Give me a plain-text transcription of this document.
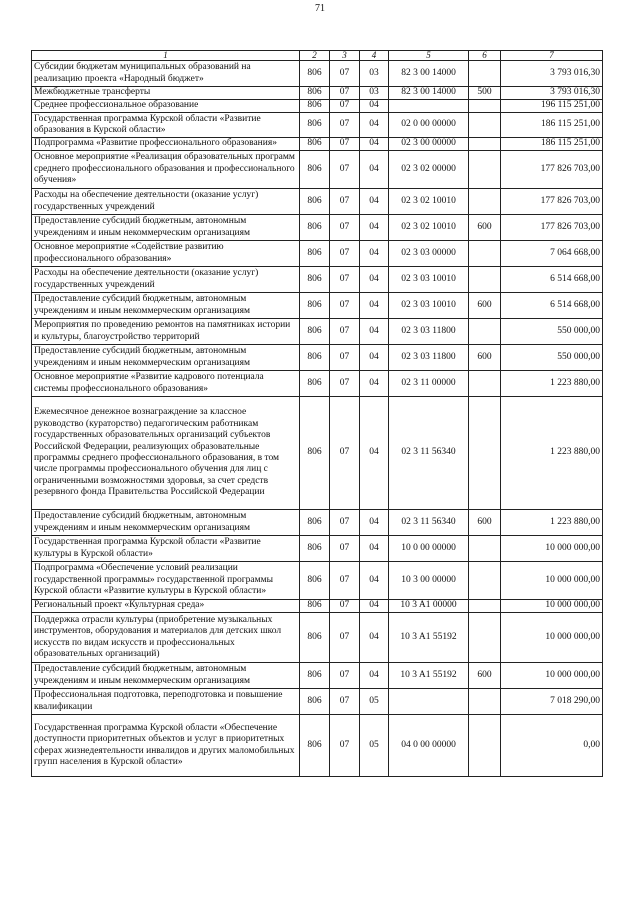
71
1	2	3	4	5	6	7
Субсидии бюджетам муниципальных образований на реализацию проекта «Народный бюджет»	806	07	03	82 3 00 14000		3 793 016,30
Межбюджетные трансферты	806	07	03	82 3 00 14000	500	3 793 016,30
Среднее профессиональное образование	806	07	04			196 115 251,00
Государственная программа Курской области «Развитие образования в Курской области»	806	07	04	02 0 00 00000		186 115 251,00
Подпрограмма «Развитие профессионального образования»	806	07	04	02 3 00 00000		186 115 251,00
Основное мероприятие «Реализация образовательных программ среднего профессионального образования и профессионального обучения»	806	07	04	02 3 02 00000		177 826 703,00
Расходы на обеспечение деятельности (оказание услуг) государственных учреждений	806	07	04	02 3 02 10010		177 826 703,00
Предоставление субсидий бюджетным, автономным учреждениям и иным некоммерческим организациям	806	07	04	02 3 02 10010	600	177 826 703,00
Основное мероприятие «Содействие развитию профессионального образования»	806	07	04	02 3 03 00000		7 064 668,00
Расходы на обеспечение деятельности (оказание услуг) государственных учреждений	806	07	04	02 3 03 10010		6 514 668,00
Предоставление субсидий бюджетным, автономным учреждениям и иным некоммерческим организациям	806	07	04	02 3 03 10010	600	6 514 668,00
Мероприятия по проведению ремонтов на памятниках истории и культуры, благоустройство территорий	806	07	04	02 3 03 11800		550 000,00
Предоставление субсидий бюджетным, автономным учреждениям и иным некоммерческим организациям	806	07	04	02 3 03 11800	600	550 000,00
Основное мероприятие «Развитие кадрового потенциала системы профессионального образования»	806	07	04	02 3 11 00000		1 223 880,00
Ежемесячное денежное вознаграждение за классное руководство (кураторство) педагогическим работникам государственных образовательных организаций субъектов Российской Федерации, реализующих образовательные программы среднего профессионального образования, в том числе программы профессионального обучения для лиц с ограниченными возможностями здоровья, за счет средств резервного фонда Правительства Российской Федерации	806	07	04	02 3 11 56340		1 223 880,00
Предоставление субсидий бюджетным, автономным учреждениям и иным некоммерческим организациям	806	07	04	02 3 11 56340	600	1 223 880,00
Государственная программа Курской области «Развитие культуры в Курской области»	806	07	04	10 0 00 00000		10 000 000,00
Подпрограмма «Обеспечение условий реализации государственной программы» государственной программы Курской области «Развитие культуры в Курской области»	806	07	04	10 3 00 00000		10 000 000,00
Региональный проект «Культурная среда»	806	07	04	10 3 A1 00000		10 000 000,00
Поддержка отрасли культуры (приобретение музыкальных инструментов, оборудования и материалов для детских школ искусств по видам искусств и профессиональных образовательных организаций)	806	07	04	10 3 A1 55192		10 000 000,00
Предоставление субсидий бюджетным, автономным учреждениям и иным некоммерческим организациям	806	07	04	10 3 A1 55192	600	10 000 000,00
Профессиональная подготовка, переподготовка и повышение квалификации	806	07	05			7 018 290,00
Государственная программа Курской области «Обеспечение доступности приоритетных объектов и услуг в приоритетных сферах жизнедеятельности инвалидов и других маломобильных групп населения в Курской области»	806	07	05	04 0 00 00000		0,00
